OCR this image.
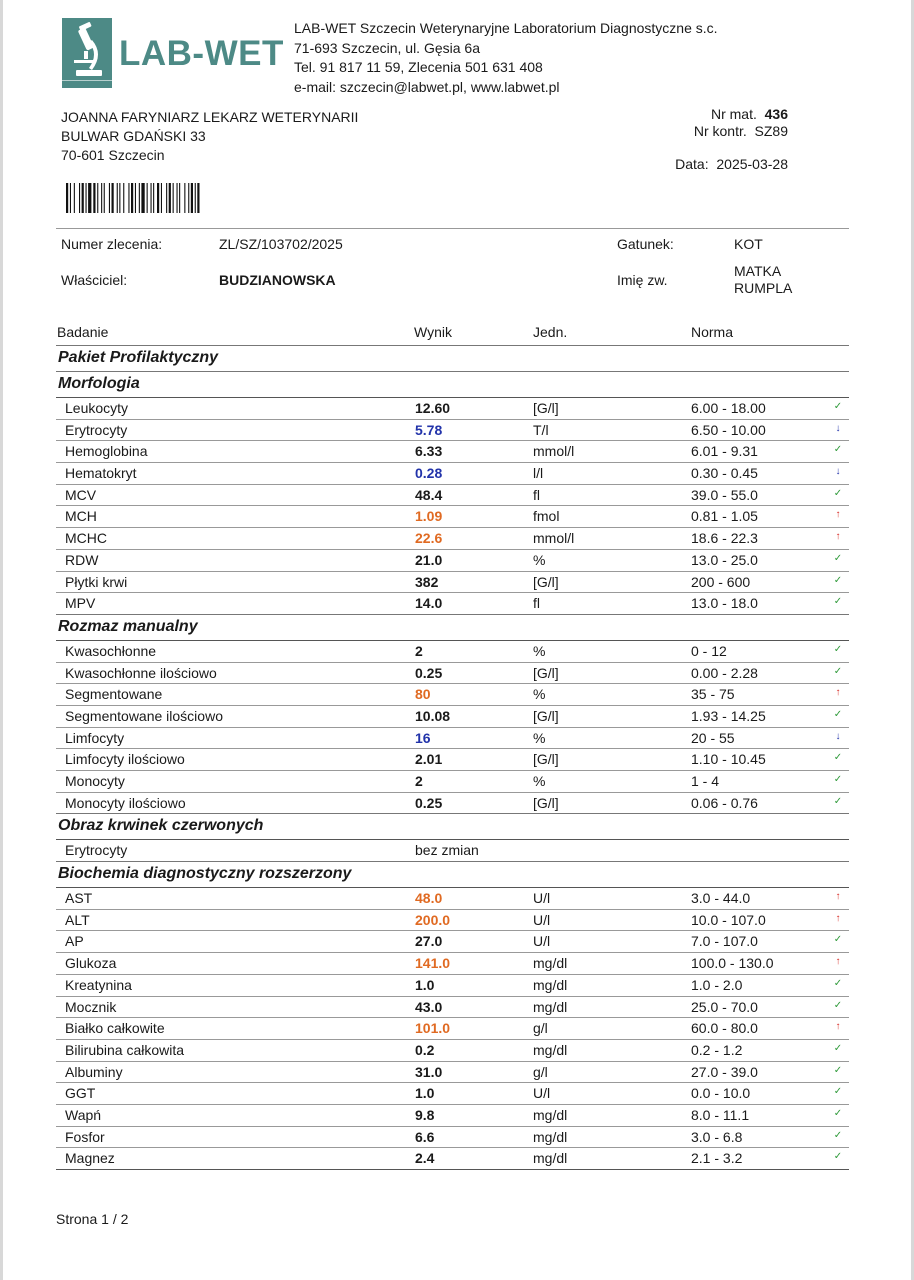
LAB-WET
LAB-WET Szczecin Weterynaryjne Laboratorium Diagnostyczne s.c.
71-693 Szczecin, ul. Gęsia 6a
Tel. 91 817 11 59, Zlecenia 501 631 408
e-mail: szczecin@labwet.pl, www.labwet.pl
JOANNA FARYNIARZ LEKARZ WETERYNARII
BULWAR GDAŃSKI 33
70-601 Szczecin
Nr mat. 436
Nr kontr. SZ89
Data: 2025-03-28
Numer zlecenia:	ZL/SZ/103702/2025	Gatunek:	KOT
Właściciel:	BUDZIANOWSKA	Imię zw.
MATKA
RUMPLA
Badanie	Wynik	Jedn.	Norma
Pakiet Profilaktyczny
Morfologia
Leukocyty	12.60	[G/l]	6.00 - 18.00	✓
Erytrocyty	5.78	T/l	6.50 - 10.00	↓
Hemoglobina	6.33	mmol/l	6.01 - 9.31	✓
Hematokryt	0.28	l/l	0.30 - 0.45	↓
MCV	48.4	fl	39.0 - 55.0	✓
MCH	1.09	fmol	0.81 - 1.05	↑
MCHC	22.6	mmol/l	18.6 - 22.3	↑
RDW	21.0	%	13.0 - 25.0	✓
Płytki krwi	382	[G/l]	200 - 600	✓
MPV	14.0	fl	13.0 - 18.0	✓
Rozmaz manualny
Kwasochłonne	2	%	0 - 12	✓
Kwasochłonne ilościowo	0.25	[G/l]	0.00 - 2.28	✓
Segmentowane	80	%	35 - 75	↑
Segmentowane ilościowo	10.08	[G/l]	1.93 - 14.25	✓
Limfocyty	16	%	20 - 55	↓
Limfocyty ilościowo	2.01	[G/l]	1.10 - 10.45	✓
Monocyty	2	%	1 - 4	✓
Monocyty ilościowo	0.25	[G/l]	0.06 - 0.76	✓
Obraz krwinek czerwonych
Erytrocyty	bez zmian
Biochemia diagnostyczny rozszerzony
AST	48.0	U/l	3.0 - 44.0	↑
ALT	200.0	U/l	10.0 - 107.0	↑
AP	27.0	U/l	7.0 - 107.0	✓
Glukoza	141.0	mg/dl	100.0 - 130.0	↑
Kreatynina	1.0	mg/dl	1.0 - 2.0	✓
Mocznik	43.0	mg/dl	25.0 - 70.0	✓
Białko całkowite	101.0	g/l	60.0 - 80.0	↑
Bilirubina całkowita	0.2	mg/dl	0.2 - 1.2	✓
Albuminy	31.0	g/l	27.0 - 39.0	✓
GGT	1.0	U/l	0.0 - 10.0	✓
Wapń	9.8	mg/dl	8.0 - 11.1	✓
Fosfor	6.6	mg/dl	3.0 - 6.8	✓
Magnez	2.4	mg/dl	2.1 - 3.2	✓
Strona 1 / 2
